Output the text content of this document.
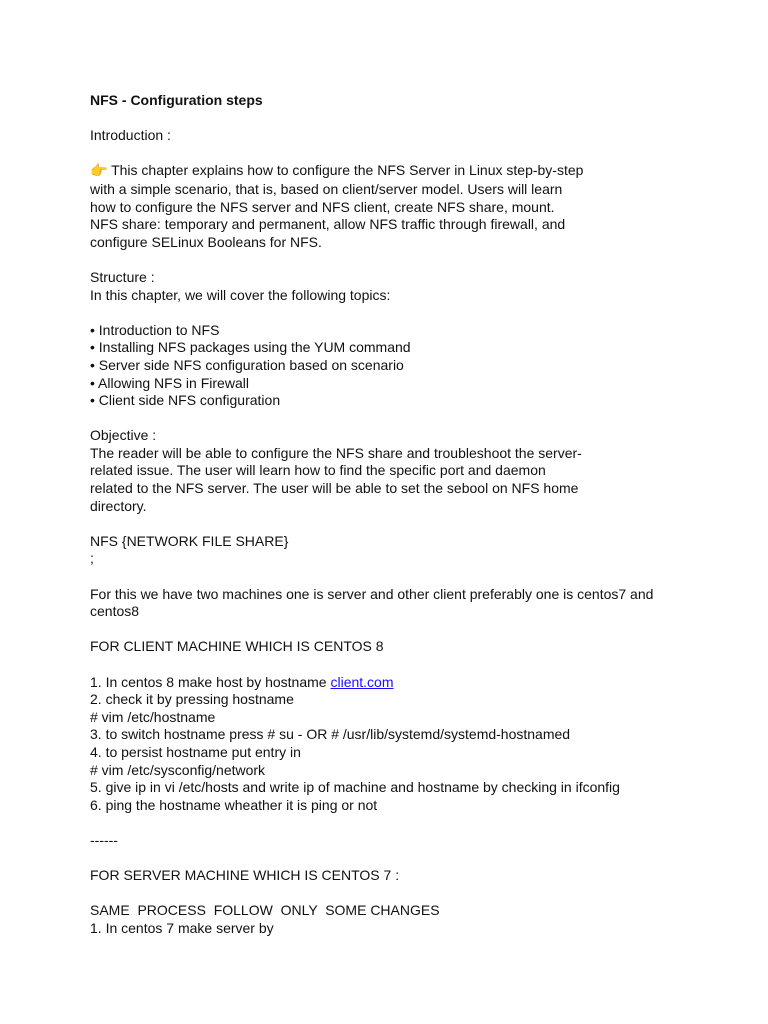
NFS - Configuration steps
Introduction :
👉 This chapter explains how to configure the NFS Server in Linux step-by-step
with a simple scenario, that is, based on client/server model. Users will learn
how to configure the NFS server and NFS client, create NFS share, mount.
NFS share: temporary and permanent, allow NFS traffic through firewall, and
configure SELinux Booleans for NFS.
Structure :
In this chapter, we will cover the following topics:
• Introduction to NFS
• Installing NFS packages using the YUM command
• Server side NFS configuration based on scenario
• Allowing NFS in Firewall
• Client side NFS configuration
Objective :
The reader will be able to configure the NFS share and troubleshoot the server-
related issue. The user will learn how to find the specific port and daemon
related to the NFS server. The user will be able to set the sebool on NFS home
directory.
NFS {NETWORK FILE SHARE}
;
For this we have two machines one is server and other client preferably one is centos7 and
centos8
FOR CLIENT MACHINE WHICH IS CENTOS 8
1. In centos 8 make host by hostname client.com
2. check it by pressing hostname
# vim /etc/hostname
3. to switch hostname press # su - OR # /usr/lib/systemd/systemd-hostnamed
4. to persist hostname put entry in
# vim /etc/sysconfig/network
5. give ip in vi /etc/hosts and write ip of machine and hostname by checking in ifconfig
6. ping the hostname wheather it is ping or not
------
FOR SERVER MACHINE WHICH IS CENTOS 7 :
SAME  PROCESS  FOLLOW  ONLY  SOME CHANGES
1. In centos 7 make server by
